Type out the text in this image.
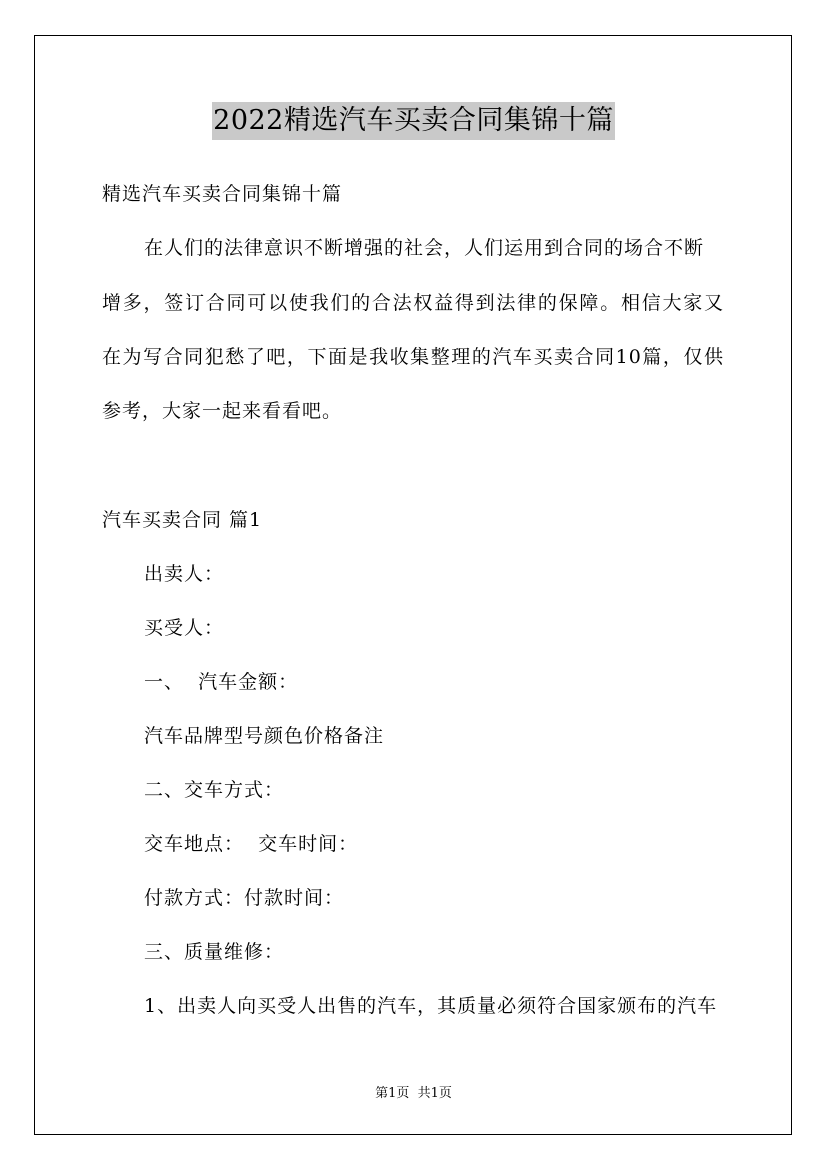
2022精选汽车买卖合同集锦十篇
精选汽车买卖合同集锦十篇
在人们的法律意识不断增强的社会，人们运用到合同的场合不断
增多，签订合同可以使我们的合法权益得到法律的保障。相信大家又
在为写合同犯愁了吧，下面是我收集整理的汽车买卖合同10篇，仅供
参考，大家一起来看看吧。
汽车买卖合同 篇1
出卖人：
买受人：
一、  汽车金额：
汽车品牌型号颜色价格备注
二、交车方式：
交车地点：  交车时间：
付款方式：付款时间：
三、质量维修：
1、出卖人向买受人出售的汽车，其质量必须符合国家颁布的汽车
第1页  共1页
